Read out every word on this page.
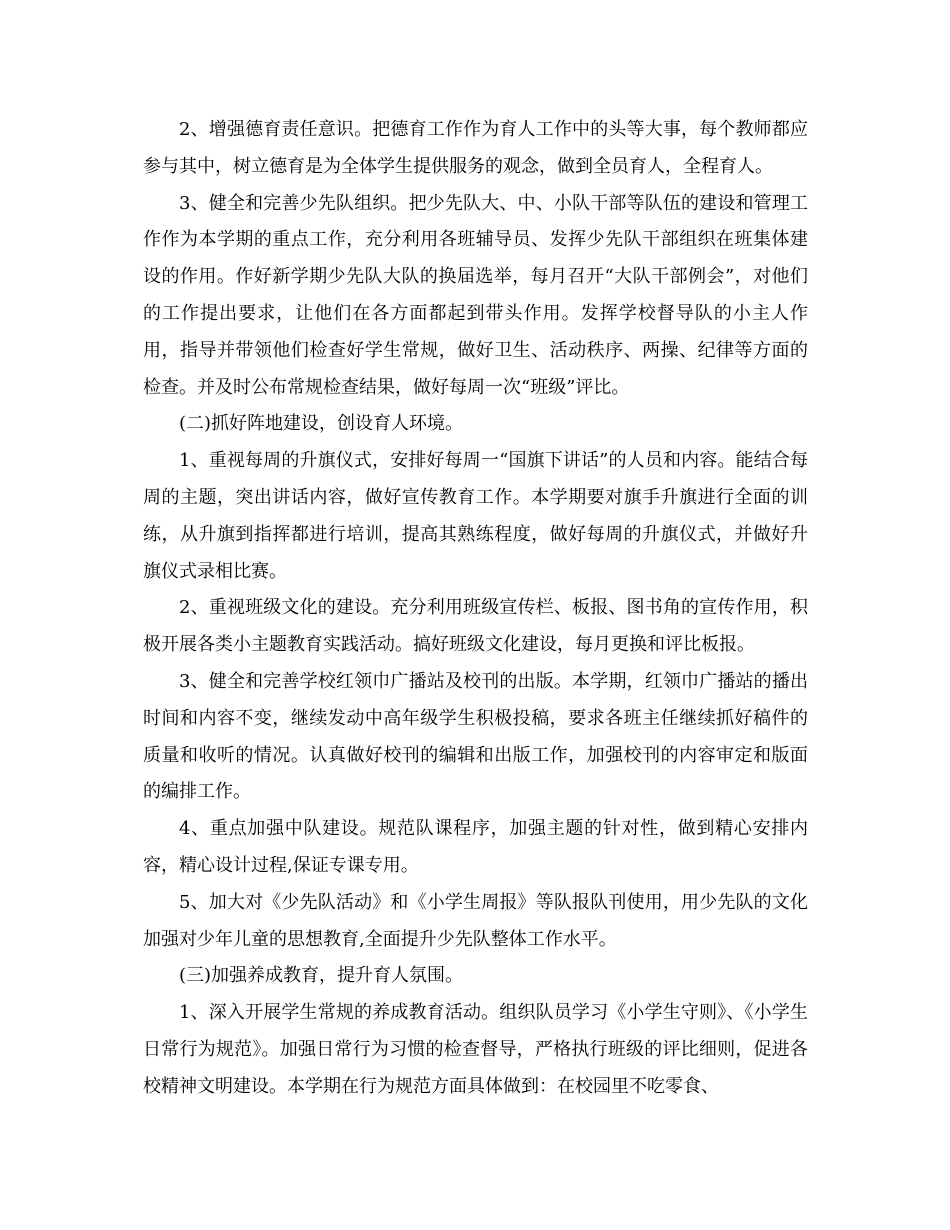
2、增强德育责任意识。把德育工作作为育人工作中的头等大事，每个教师都应参与其中，树立德育是为全体学生提供服务的观念，做到全员育人，全程育人。

3、健全和完善少先队组织。把少先队大、中、小队干部等队伍的建设和管理工作作为本学期的重点工作，充分利用各班辅导员、发挥少先队干部组织在班集体建设的作用。作好新学期少先队大队的换届选举，每月召开“大队干部例会”，对他们的工作提出要求，让他们在各方面都起到带头作用。发挥学校督导队的小主人作用，指导并带领他们检查好学生常规，做好卫生、活动秩序、两操、纪律等方面的检查。并及时公布常规检查结果，做好每周一次“班级”评比。

(二)抓好阵地建设，创设育人环境。

1、重视每周的升旗仪式，安排好每周一“国旗下讲话”的人员和内容。能结合每周的主题，突出讲话内容，做好宣传教育工作。本学期要对旗手升旗进行全面的训练，从升旗到指挥都进行培训，提高其熟练程度，做好每周的升旗仪式，并做好升旗仪式录相比赛。

2、重视班级文化的建设。充分利用班级宣传栏、板报、图书角的宣传作用，积极开展各类小主题教育实践活动。搞好班级文化建设，每月更换和评比板报。

3、健全和完善学校红领巾广播站及校刊的出版。本学期，红领巾广播站的播出时间和内容不变，继续发动中高年级学生积极投稿，要求各班主任继续抓好稿件的质量和收听的情况。认真做好校刊的编辑和出版工作，加强校刊的内容审定和版面的编排工作。

4、重点加强中队建设。规范队课程序，加强主题的针对性，做到精心安排内容，精心设计过程,保证专课专用。

5、加大对《少先队活动》和《小学生周报》等队报队刊使用，用少先队的文化加强对少年儿童的思想教育,全面提升少先队整体工作水平。

(三)加强养成教育，提升育人氛围。

1、深入开展学生常规的养成教育活动。组织队员学习《小学生守则》、《小学生日常行为规范》。加强日常行为习惯的检查督导，严格执行班级的评比细则，促进各校精神文明建设。本学期在行为规范方面具体做到：在校园里不吃零食、
